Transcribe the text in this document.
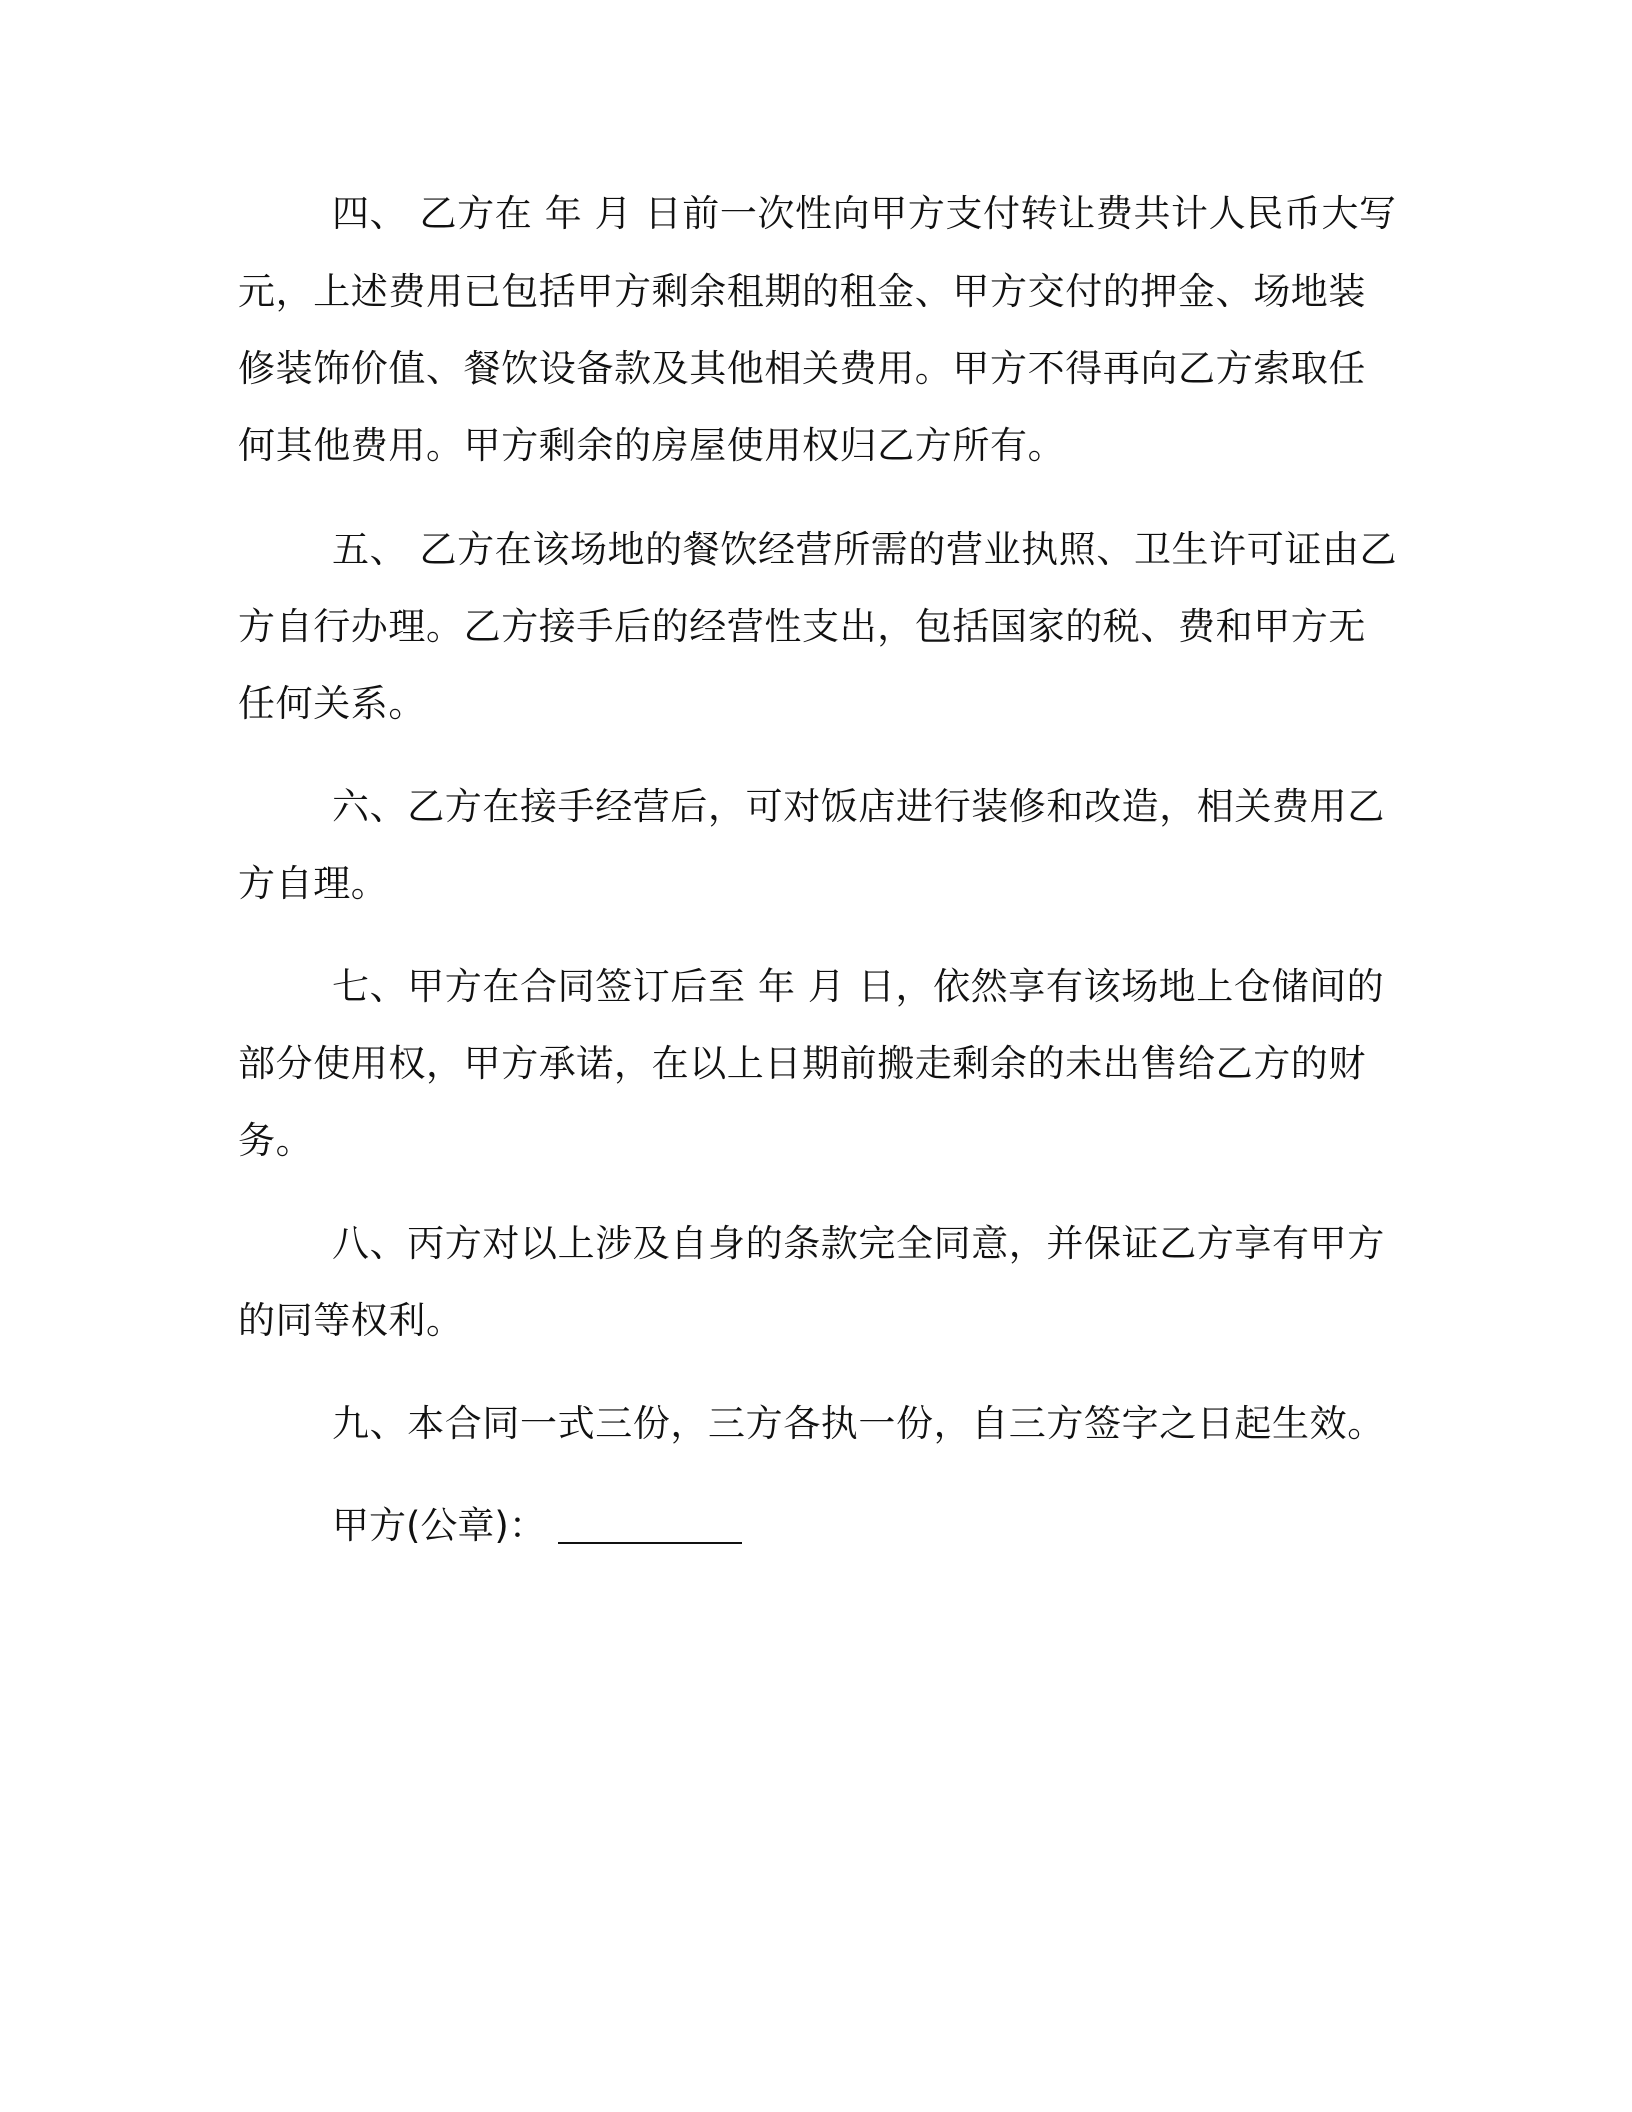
四、 乙方在 年 月 日前一次性向甲方支付转让费共计人民币大写
元，上述费用已包括甲方剩余租期的租金、甲方交付的押金、场地装
修装饰价值、餐饮设备款及其他相关费用。甲方不得再向乙方索取任
何其他费用。甲方剩余的房屋使用权归乙方所有。
五、 乙方在该场地的餐饮经营所需的营业执照、卫生许可证由乙
方自行办理。乙方接手后的经营性支出，包括国家的税、费和甲方无
任何关系。
六、乙方在接手经营后，可对饭店进行装修和改造，相关费用乙
方自理。
七、甲方在合同签订后至 年 月 日，依然享有该场地上仓储间的
部分使用权，甲方承诺，在以上日期前搬走剩余的未出售给乙方的财
务。
八、丙方对以上涉及自身的条款完全同意，并保证乙方享有甲方
的同等权利。
九、本合同一式三份，三方各执一份，自三方签字之日起生效。
甲方(公章)：
